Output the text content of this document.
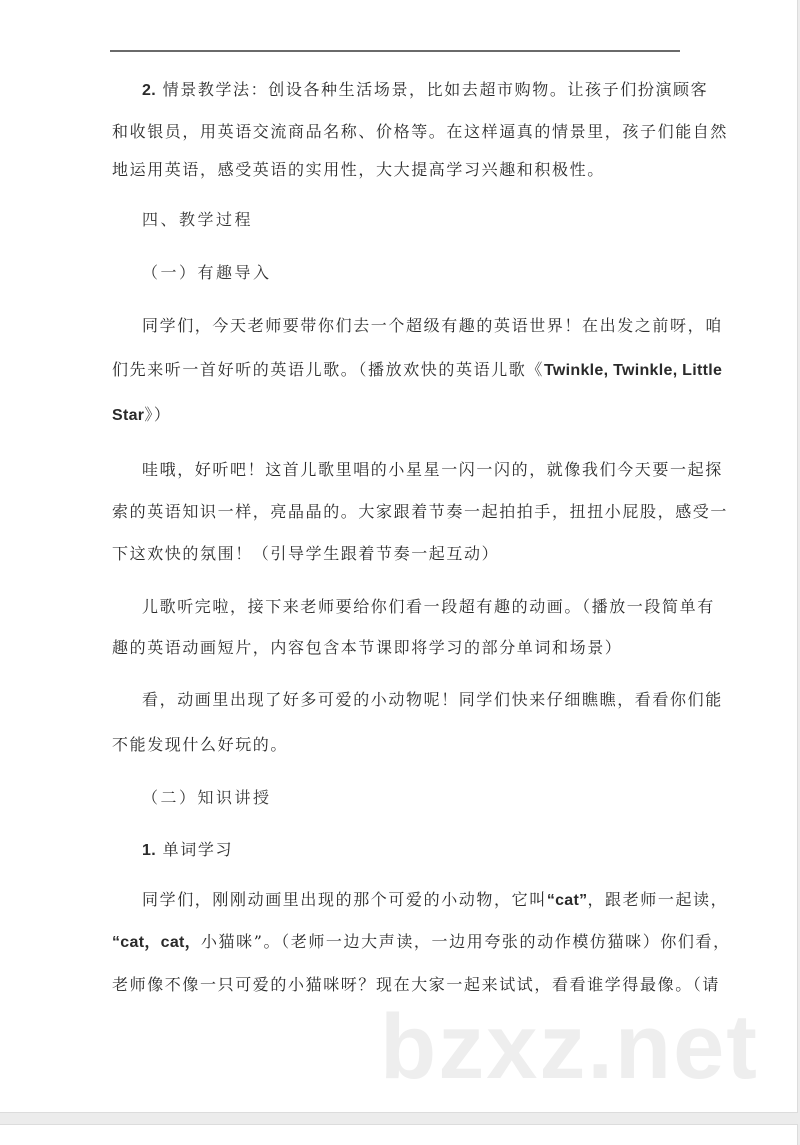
2. 情景教学法：创设各种生活场景，比如去超市购物。让孩子们扮演顾客
和收银员，用英语交流商品名称、价格等。在这样逼真的情景里，孩子们能自然
地运用英语，感受英语的实用性，大大提高学习兴趣和积极性。
四、教学过程
（一）有趣导入
同学们，今天老师要带你们去一个超级有趣的英语世界！在出发之前呀，咱
们先来听一首好听的英语儿歌。（播放欢快的英语儿歌《Twinkle, Twinkle, Little
Star》）
哇哦，好听吧！这首儿歌里唱的小星星一闪一闪的，就像我们今天要一起探
索的英语知识一样，亮晶晶的。大家跟着节奏一起拍拍手，扭扭小屁股，感受一
下这欢快的氛围！（引导学生跟着节奏一起互动）
儿歌听完啦，接下来老师要给你们看一段超有趣的动画。（播放一段简单有
趣的英语动画短片，内容包含本节课即将学习的部分单词和场景）
看，动画里出现了好多可爱的小动物呢！同学们快来仔细瞧瞧，看看你们能
不能发现什么好玩的。
（二）知识讲授
1. 单词学习
同学们，刚刚动画里出现的那个可爱的小动物，它叫“cat”，跟老师一起读，
“cat，cat，小猫咪”。（老师一边大声读，一边用夸张的动作模仿猫咪）你们看，
老师像不像一只可爱的小猫咪呀？现在大家一起来试试，看看谁学得最像。（请
bzxz.net
